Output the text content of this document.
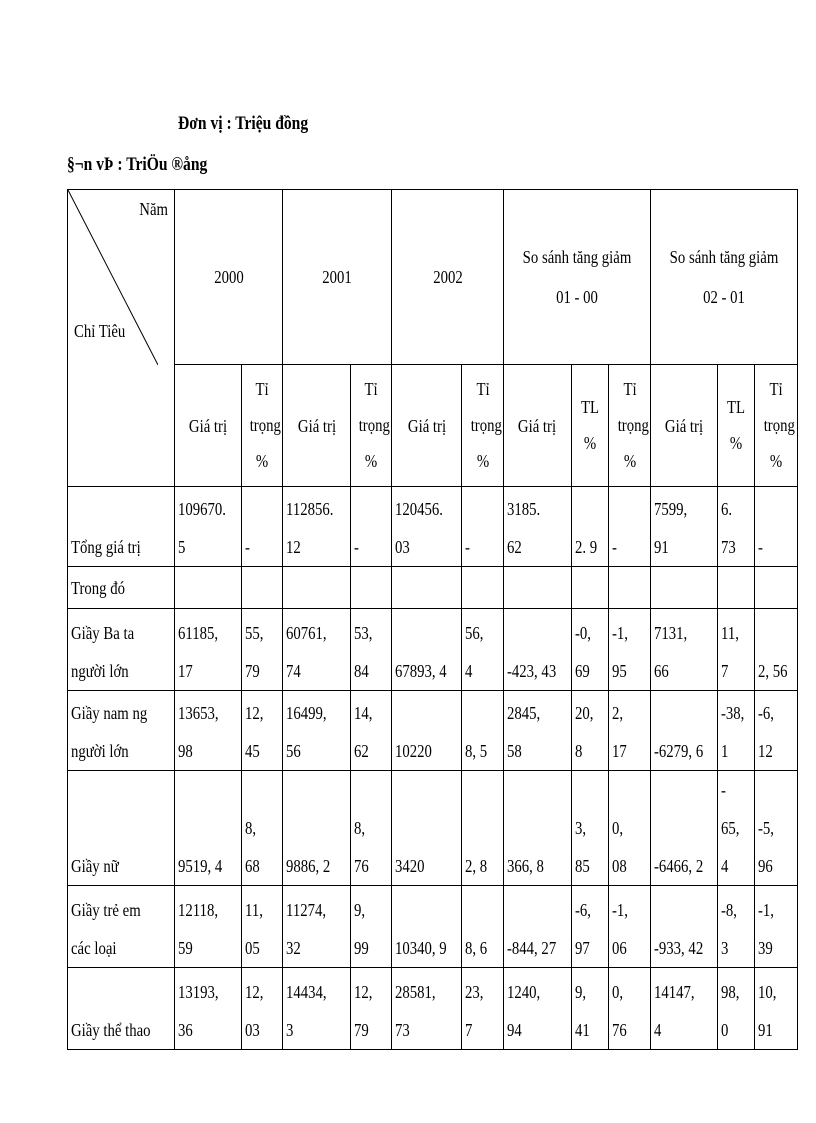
Đơn vị : Triệu đồng
§¬n vÞ : TriÖu ®ång
Năm
Chỉ Tiêu	2000		2001		2002		So sánh tăng giảm 01 - 00			So sánh tăng giảm 02 - 01		
	Giá trị	Tỉ trọng %	Giá trị	Tỉ trọng %	Giá trị	Tỉ trọng %	Giá trị	TL %	Tỉ trọng %	Giá trị	TL %	Tỉ trọng %
Tổng giá trị	109670. 5	-	112856. 12	-	120456. 03	-	3185. 62	2. 9	-	7599, 91	6. 73	-
Trong đó												
Giầy Ba ta người lớn	61185, 17	55, 79	60761, 74	53, 84	67893, 4	56, 4	-423, 43	-0, 69	-1, 95	7131, 66	11, 7	2, 56
Giầy nam ng người lớn	13653, 98	12, 45	16499, 56	14, 62	10220	8, 5	2845, 58	20, 8	2, 17	-6279, 6	-38, 1	-6, 12
Giầy nữ	9519, 4	8, 68	9886, 2	8, 76	3420	2, 8	366, 8	3, 85	0, 08	-6466, 2	- 65, 4	-5, 96
Giầy trẻ em các loại	12118, 59	11, 05	11274, 32	9, 99	10340, 9	8, 6	-844, 27	-6, 97	-1, 06	-933, 42	-8, 3	-1, 39
Giầy thể thao	13193, 36	12, 03	14434, 3	12, 79	28581, 73	23, 7	1240, 94	9, 41	0, 76	14147, 4	98, 0	10, 91
